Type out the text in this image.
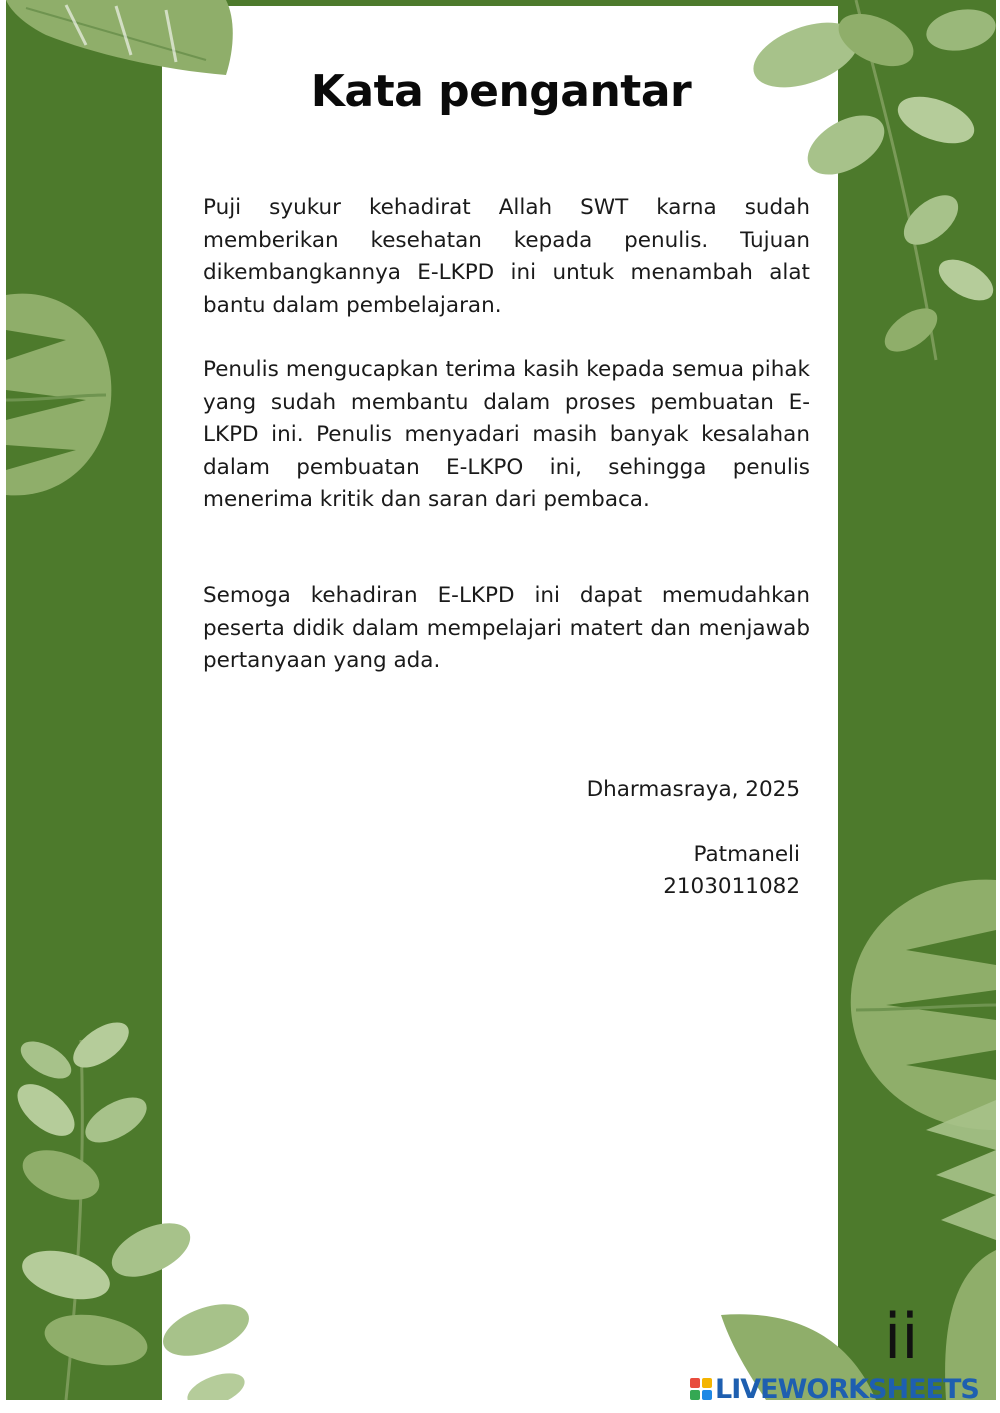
Kata pengantar

Puji syukur kehadirat Allah SWT karna sudah memberikan kesehatan kepada penulis. Tujuan dikembangkannya E-LKPD ini untuk menambah alat bantu dalam pembelajaran.

Penulis mengucapkan terima kasih kepada semua pihak yang sudah membantu dalam proses pembuatan E-LKPD ini. Penulis menyadari masih banyak kesalahan dalam pembuatan E-LKPO ini, sehingga penulis menerima kritik dan saran dari pembaca.

Semoga kehadiran E-LKPD ini dapat memudahkan peserta didik dalam mempelajari matert dan menjawab pertanyaan yang ada.

Dharmasraya, 2025

Patmaneli

2103011082

ii

LIVEWORKSHEETS
